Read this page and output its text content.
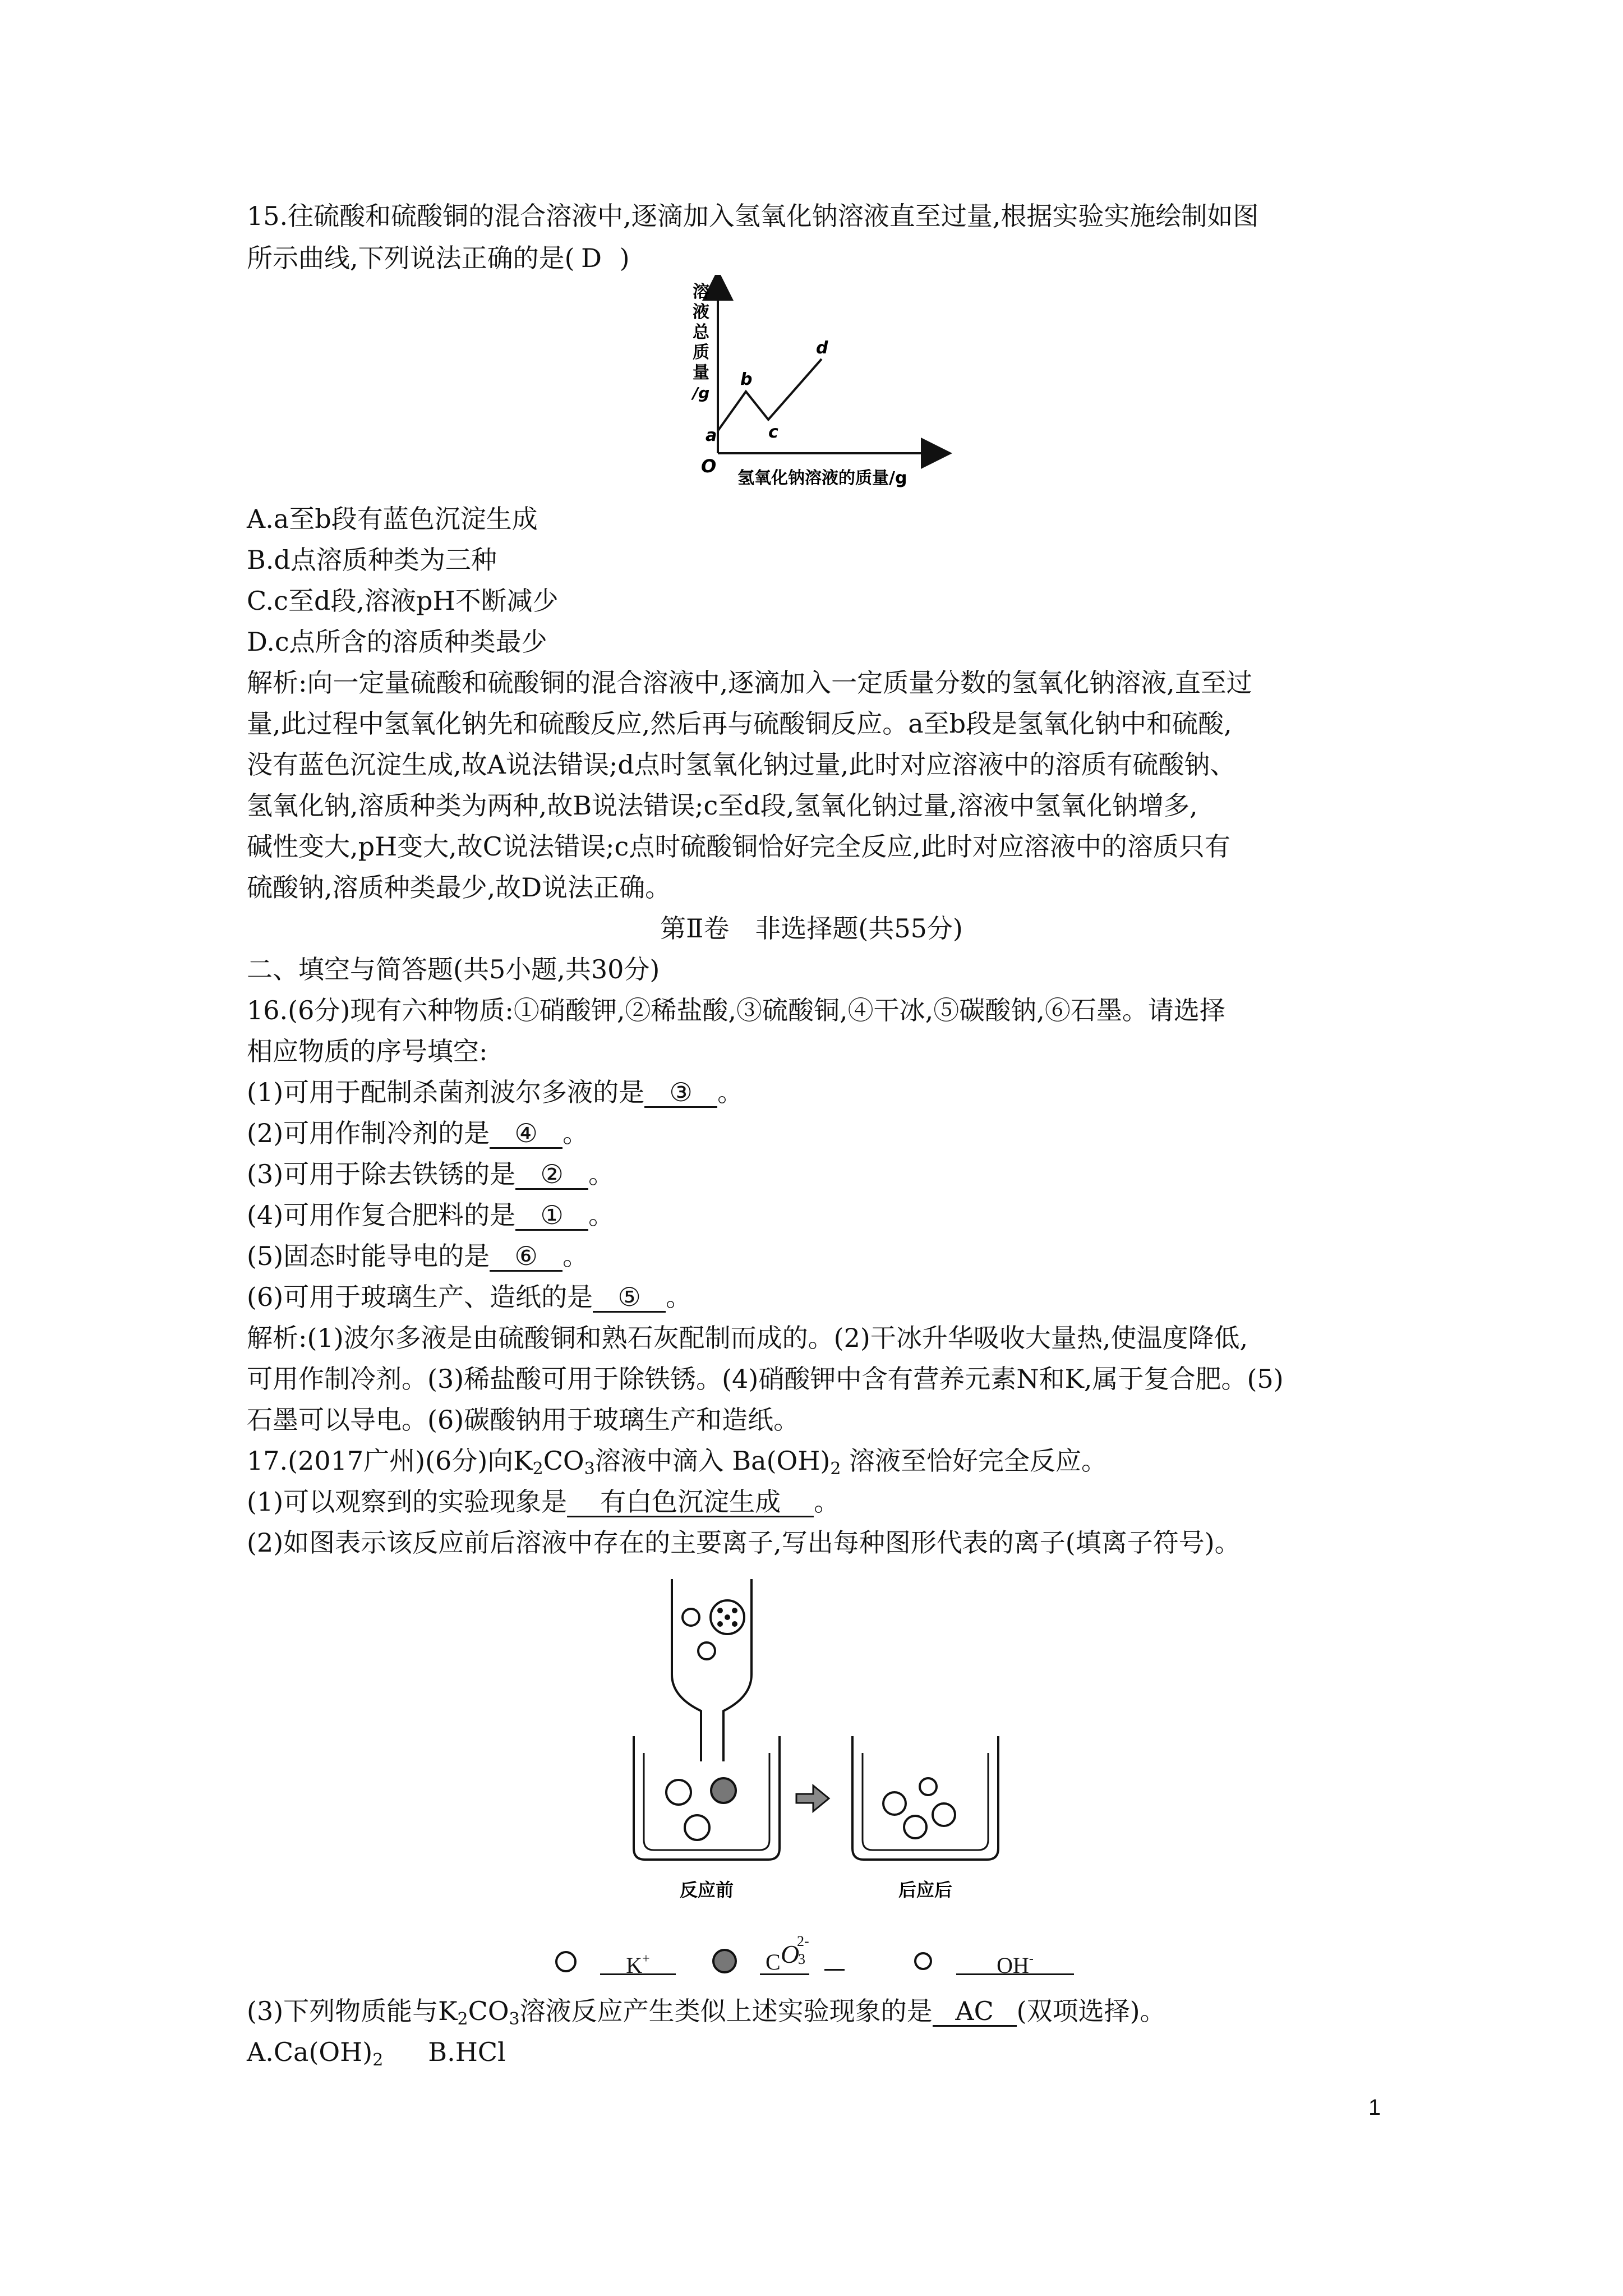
15.往硫酸和硫酸铜的混合溶液中,逐滴加入氢氧化钠溶液直至过量,根据实验实施绘制如图
所示曲线,下列说法正确的是( D )
溶
液
总
质
量
/g
a
b
c
d
O
氢氧化钠溶液的质量/g
A.a至b段有蓝色沉淀生成
B.d点溶质种类为三种
C.c至d段,溶液pH不断减少
D.c点所含的溶质种类最少
解析:向一定量硫酸和硫酸铜的混合溶液中,逐滴加入一定质量分数的氢氧化钠溶液,直至过
量,此过程中氢氧化钠先和硫酸反应,然后再与硫酸铜反应。a至b段是氢氧化钠中和硫酸,
没有蓝色沉淀生成,故A说法错误;d点时氢氧化钠过量,此时对应溶液中的溶质有硫酸钠、
氢氧化钠,溶质种类为两种,故B说法错误;c至d段,氢氧化钠过量,溶液中氢氧化钠增多,
碱性变大,pH变大,故C说法错误;c点时硫酸铜恰好完全反应,此时对应溶液中的溶质只有
硫酸钠,溶质种类最少,故D说法正确。
第Ⅱ卷　非选择题(共55分)
二、填空与简答题(共5小题,共30分)
16.(6分)现有六种物质:①硝酸钾,②稀盐酸,③硫酸铜,④干冰,⑤碳酸钠,⑥石墨。请选择
相应物质的序号填空:
(1)可用于配制杀菌剂波尔多液的是 ③ 。
(2)可用作制冷剂的是 ④ 。
(3)可用于除去铁锈的是 ② 。
(4)可用作复合肥料的是 ① 。
(5)固态时能导电的是 ⑥ 。
(6)可用于玻璃生产、造纸的是 ⑤ 。
解析:(1)波尔多液是由硫酸铜和熟石灰配制而成的。(2)干冰升华吸收大量热,使温度降低,
可用作制冷剂。(3)稀盐酸可用于除铁锈。(4)硝酸钾中含有营养元素N和K,属于复合肥。(5)
石墨可以导电。(6)碳酸钠用于玻璃生产和造纸。
17.(2017广州)(6分)向$K_2CO_3$溶液中滴入 $Ba(OH)_2$ 溶液至恰好完全反应。
(1)可以观察到的实验现象是 有白色沉淀生成 。
(2)如图表示该反应前后溶液中存在的主要离子,写出每种图形代表的离子(填离子符号)。
反应前	后应后
K+	C O
2-
3	OH-
(3)下列物质能与$K_2CO_3$溶液反应产生类似上述实验现象的是 AC (双项选择)。
$A.Ca(OH)_2$ B.HCl
1
